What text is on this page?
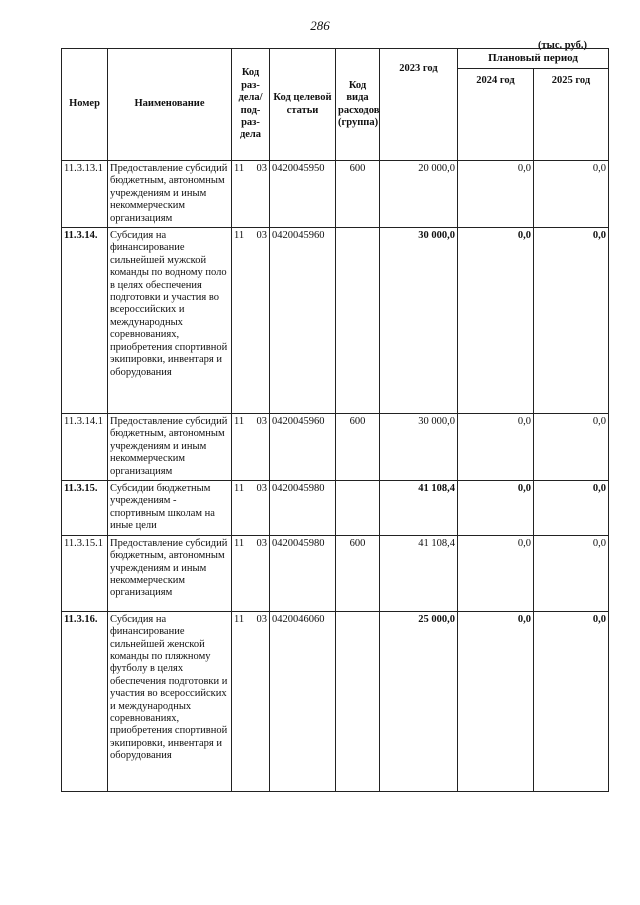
286
(тыс. руб.)
Номер	Наименование	Код раз-дела/ под-раз-дела	Код целевой статьи	Код вида расходов (группа)	2023 год	Плановый период	
						2024 год	2025 год
11.3.13.1	Предоставление субсидий бюджетным, автономным учреждениям и иным некоммерческим организациям	11 03	0420045950	600	20 000,0	0,0	0,0
11.3.14.	Субсидия на финансирование сильнейшей мужской команды по водному поло в целях обеспечения подготовки и участия во всероссийских и международных соревнованиях, приобретения спортивной экипировки, инвентаря и оборудования	11 03	0420045960		30 000,0	0,0	0,0
11.3.14.1	Предоставление субсидий бюджетным, автономным учреждениям и иным некоммерческим организациям	11 03	0420045960	600	30 000,0	0,0	0,0
11.3.15.	Субсидии бюджетным учреждениям - спортивным школам на иные цели	11 03	0420045980		41 108,4	0,0	0,0
11.3.15.1	Предоставление субсидий бюджетным, автономным учреждениям и иным некоммерческим организациям	11 03	0420045980	600	41 108,4	0,0	0,0
11.3.16.	Субсидия на финансирование сильнейшей женской команды по пляжному футболу в целях обеспечения подготовки и участия во всероссийских и международных соревнованиях, приобретения спортивной экипировки, инвентаря и оборудования	11 03	0420046060		25 000,0	0,0	0,0
